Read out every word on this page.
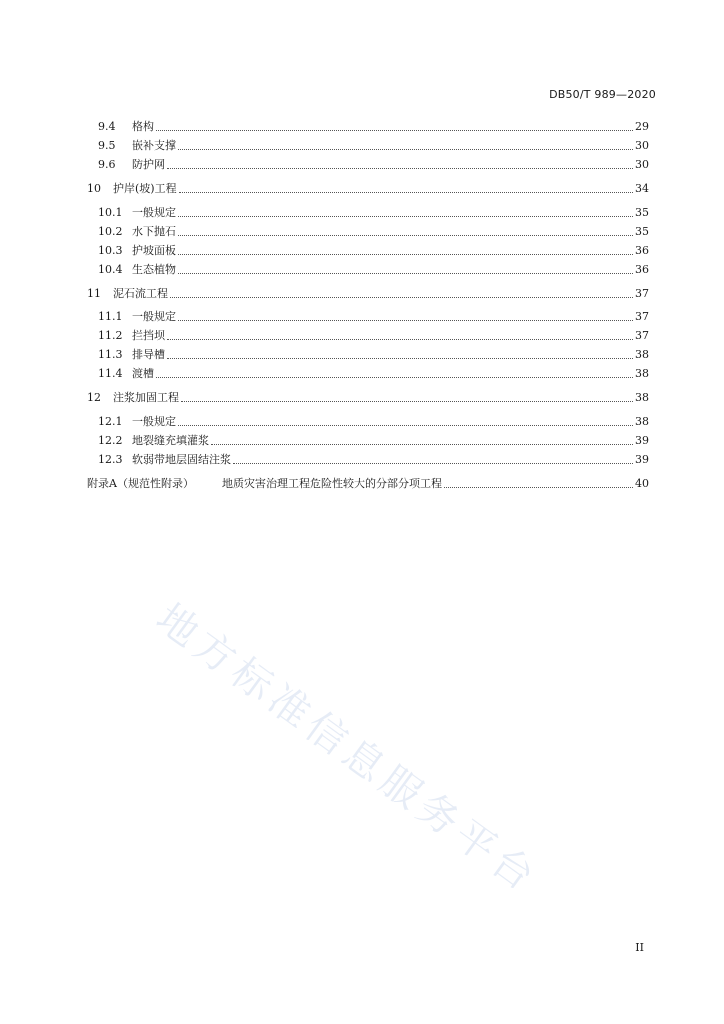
DB50/T 989—2020
9.4 格构	29
9.5 嵌补支撑	30
9.6 防护网	30
10 护岸(坡)工程	34
10.1 一般规定	35
10.2 水下抛石	35
10.3 护坡面板	36
10.4 生态植物	36
11 泥石流工程	37
11.1 一般规定	37
11.2 拦挡坝	37
11.3 排导槽	38
11.4 渡槽	38
12 注浆加固工程	38
12.1 一般规定	38
12.2 地裂缝充填灌浆	39
12.3 软弱带地层固结注浆	39
附录A（规范性附录）	地质灾害治理工程危险性较大的分部分项工程	40
地方标准信息服务平台
II
